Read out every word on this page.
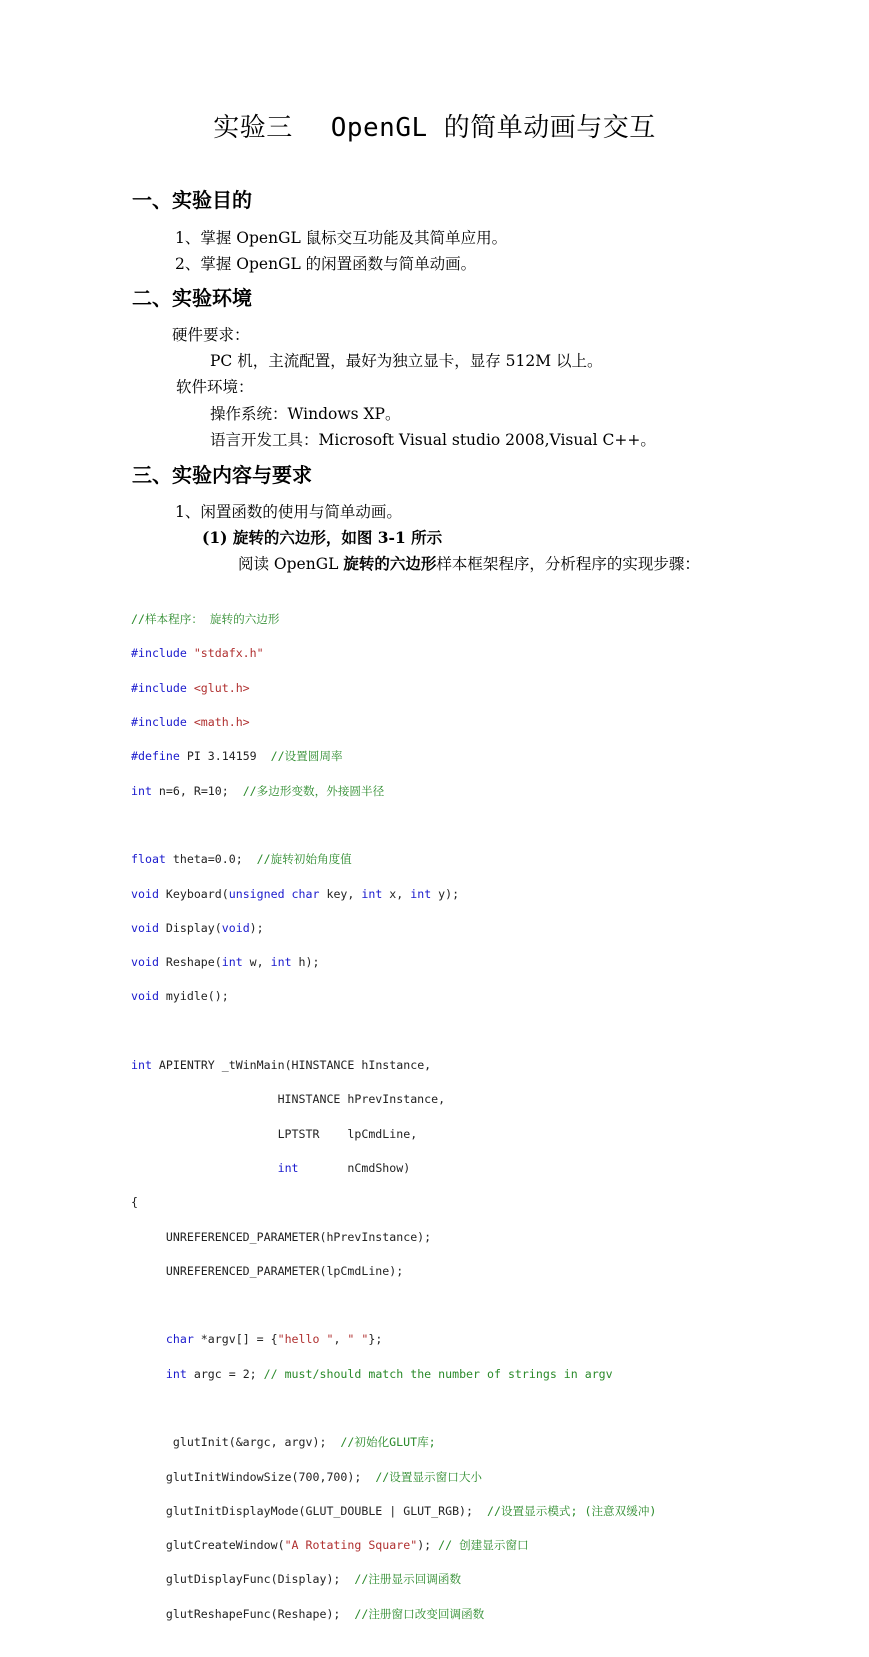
实验三 OpenGL 的简单动画与交互
一、实验目的
1、掌握 OpenGL 鼠标交互功能及其简单应用。
2、掌握 OpenGL 的闲置函数与简单动画。
二、实验环境
硬件要求：
PC 机，主流配置，最好为独立显卡，显存 512M 以上。
软件环境：
操作系统：Windows XP。
语言开发工具：Microsoft Visual studio 2008,Visual C++。
三、实验内容与要求
1、闲置函数的使用与简单动画。
(1) 旋转的六边形，如图 3-1 所示
阅读 OpenGL 旋转的六边形样本框架程序，分析程序的实现步骤：

//样本程序： 旋转的六边形

#include "stdafx.h"

#include <glut.h>

#include <math.h>

#define PI 3.14159  //设置圆周率

int n=6, R=10;  //多边形变数，外接圆半径

float theta=0.0;  //旋转初始角度值

void Keyboard(unsigned char key, int x, int y);

void Display(void);

void Reshape(int w, int h);

void myidle();

int APIENTRY _tWinMain(HINSTANCE hInstance,

HINSTANCE hPrevInstance,

LPTSTR    lpCmdLine,

int       nCmdShow)

{

UNREFERENCED_PARAMETER(hPrevInstance);

UNREFERENCED_PARAMETER(lpCmdLine);

char *argv[] = {"hello ", " "};

int argc = 2; // must/should match the number of strings in argv

glutInit(&argc, argv);  //初始化GLUT库;

glutInitWindowSize(700,700);  //设置显示窗口大小

glutInitDisplayMode(GLUT_DOUBLE | GLUT_RGB);  //设置显示模式; (注意双缓冲)

glutCreateWindow("A Rotating Square"); // 创建显示窗口

glutDisplayFunc(Display);  //注册显示回调函数

glutReshapeFunc(Reshape);  //注册窗口改变回调函数
